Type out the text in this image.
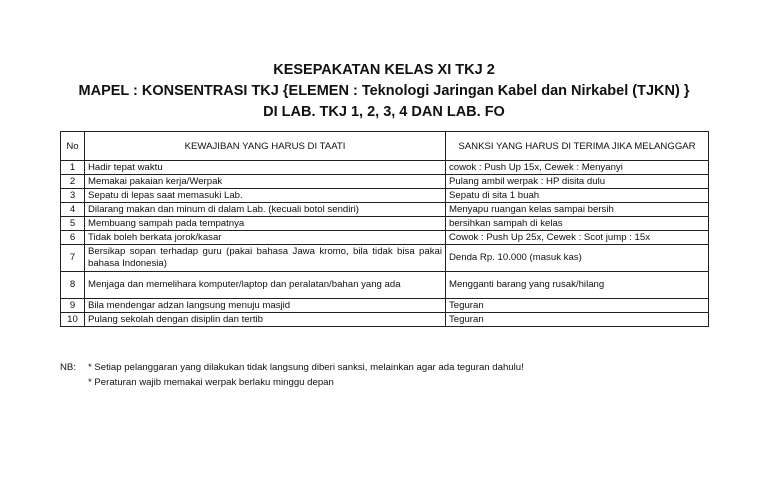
KESEPAKATAN KELAS XI TKJ 2
MAPEL : KONSENTRASI TKJ {ELEMEN : Teknologi Jaringan Kabel dan Nirkabel (TJKN) }
DI LAB. TKJ 1, 2, 3, 4 DAN LAB. FO
No	KEWAJIBAN YANG HARUS DI TAATI	SANKSI YANG HARUS DI TERIMA JIKA MELANGGAR
1	Hadir tepat waktu	cowok : Push Up 15x, Cewek : Menyanyi
2	Memakai pakaian kerja/Werpak	Pulang ambil werpak : HP disita dulu
3	Sepatu di lepas saat memasuki Lab.	Sepatu di sita 1 buah
4	Dilarang makan dan minum di dalam Lab. (kecuali botol sendiri)	Menyapu ruangan kelas sampai bersih
5	Membuang sampah pada tempatnya	bersihkan sampah di kelas
6	Tidak boleh berkata jorok/kasar	Cowok : Push Up 25x, Cewek : Scot jump : 15x
7	Bersikap sopan terhadap guru (pakai bahasa Jawa kromo, bila tidak bisa pakai bahasa Indonesia)	Denda Rp. 10.000 (masuk kas)
8	Menjaga dan memelihara komputer/laptop dan peralatan/bahan yang ada	Mengganti barang yang rusak/hilang
9	Bila mendengar adzan langsung menuju masjid	Teguran
10	Pulang sekolah dengan disiplin dan tertib	Teguran
NB:	* Setiap pelanggaran yang dilakukan tidak langsung diberi sanksi, melainkan agar ada teguran dahulu!
* Peraturan wajib memakai werpak berlaku minggu depan
